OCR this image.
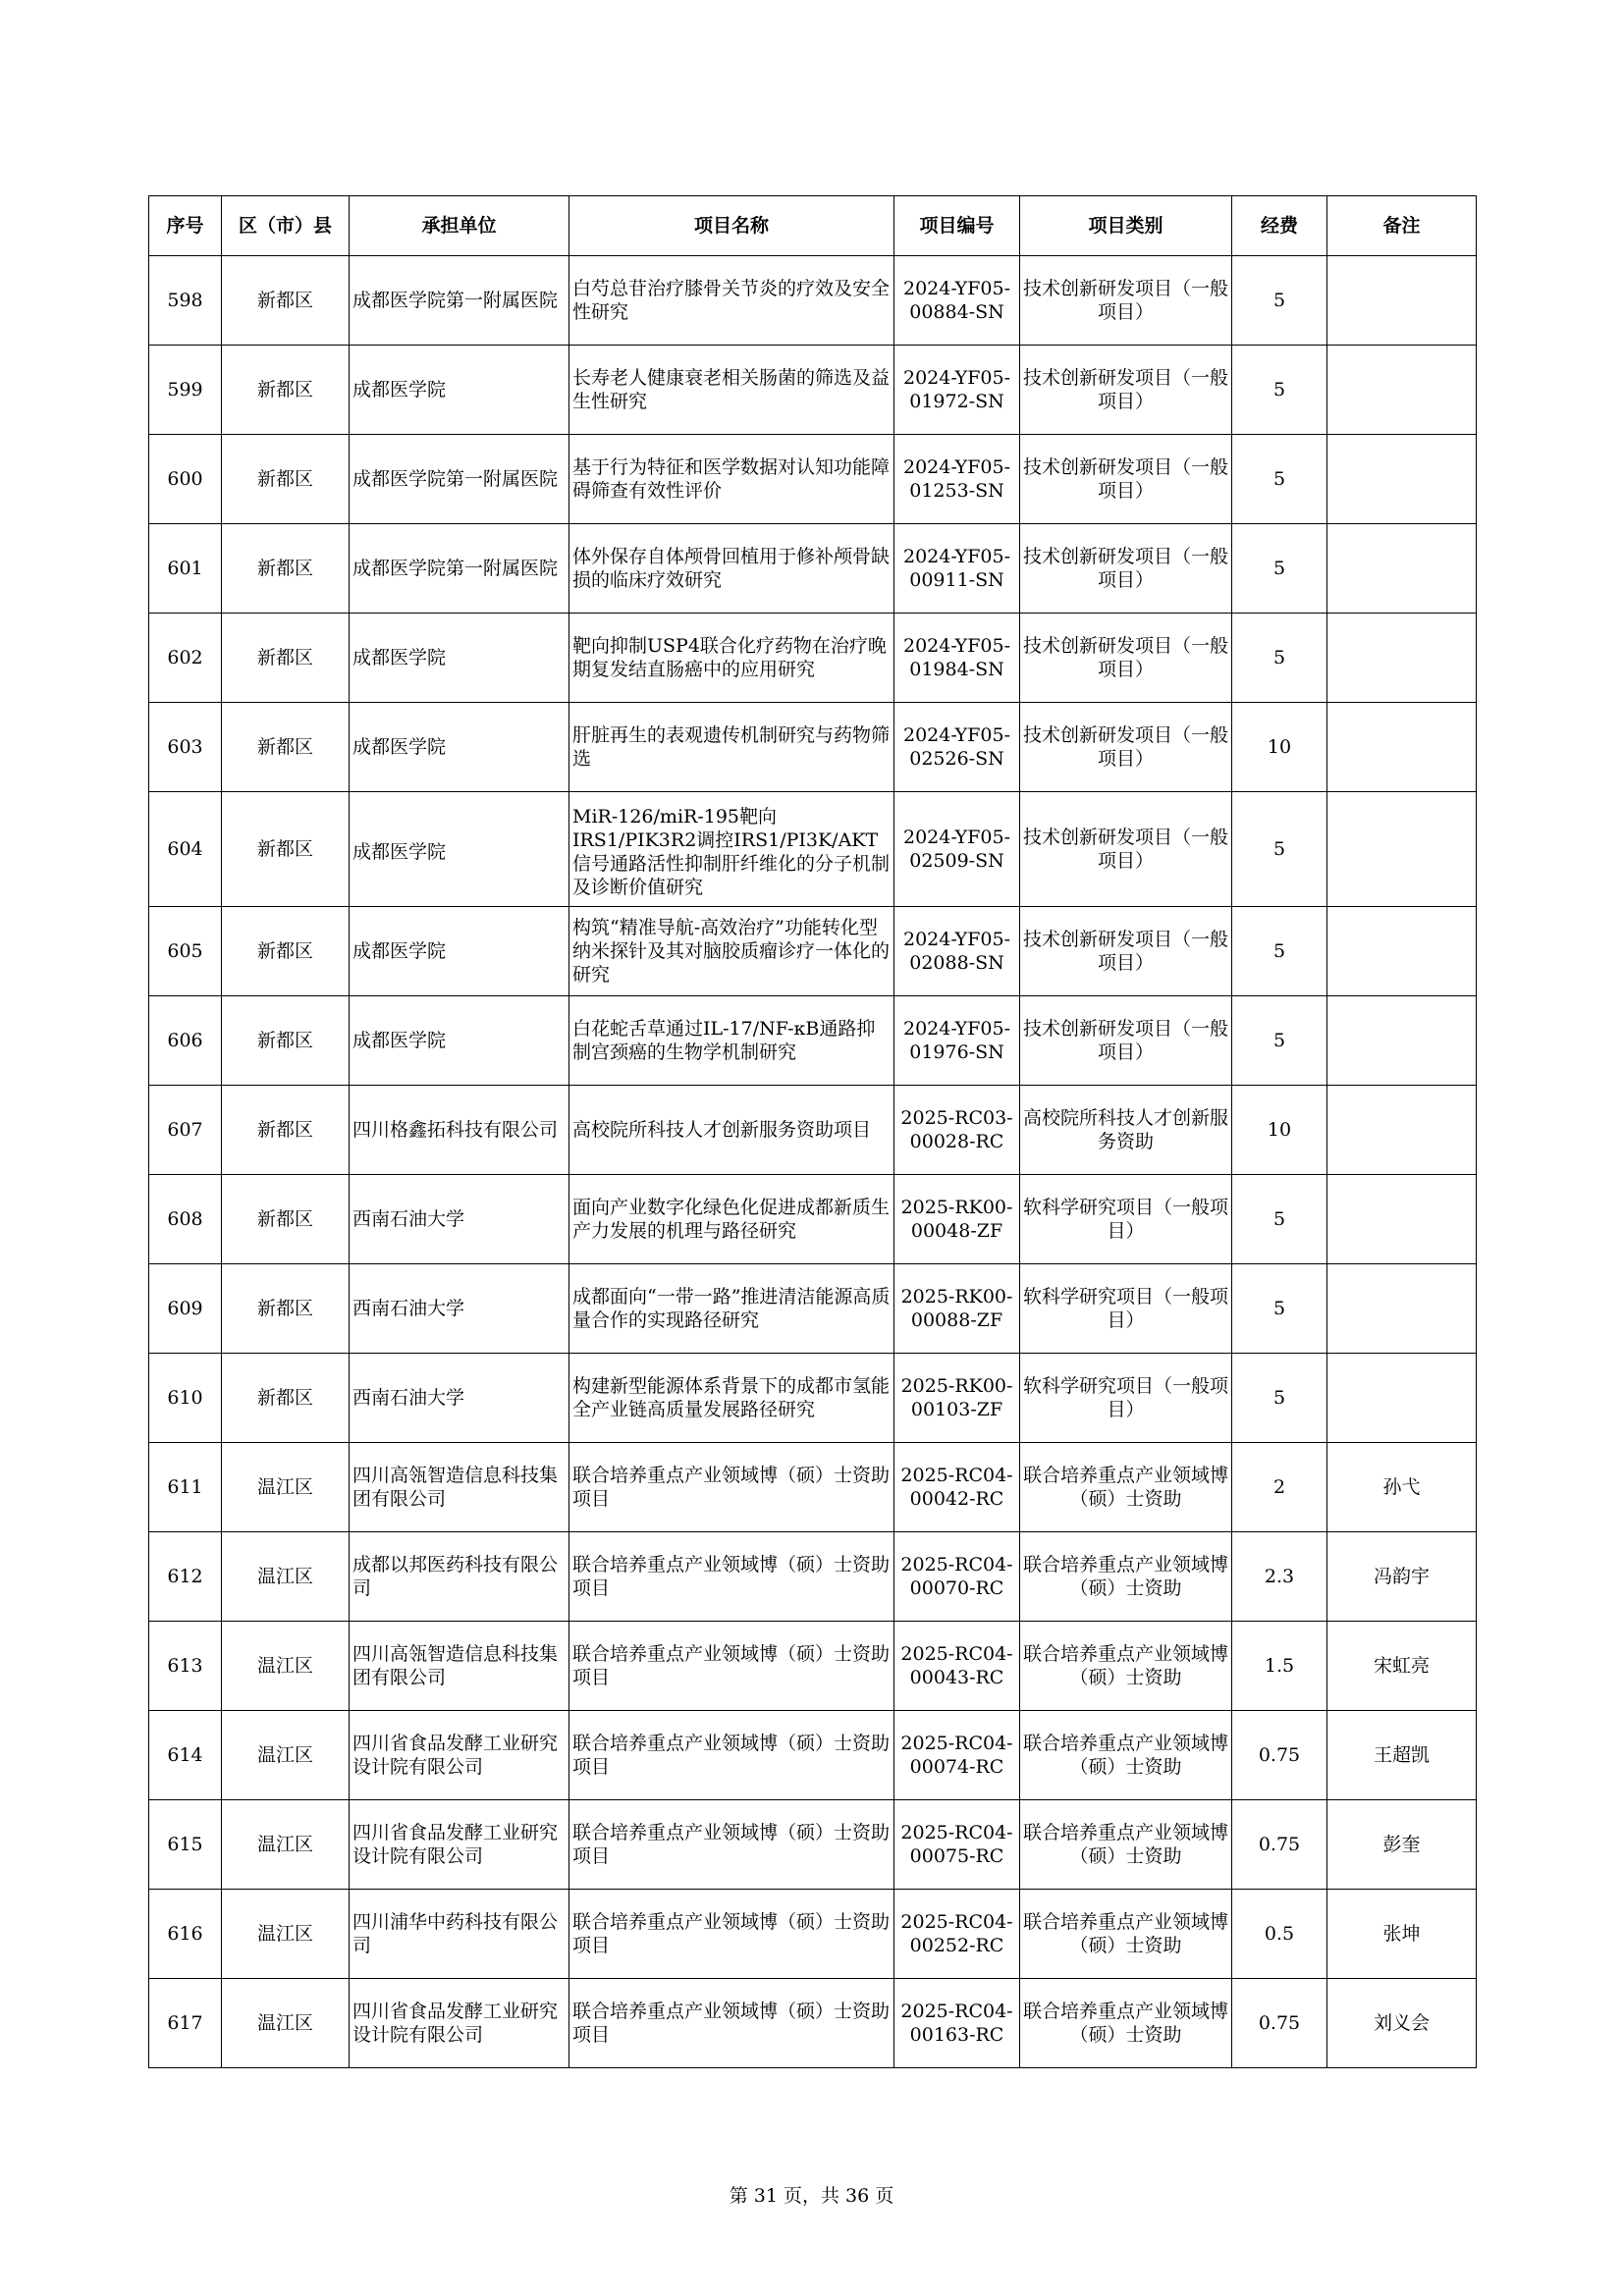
序号	区（市）县	承担单位	项目名称	项目编号	项目类别	经费	备注
598	新都区	成都医学院第一附属医院	白芍总苷治疗膝骨关节炎的疗效及安全性研究	2024-YF05-00884-SN	技术创新研发项目（一般项目）	5	
599	新都区	成都医学院	长寿老人健康衰老相关肠菌的筛选及益生性研究	2024-YF05-01972-SN	技术创新研发项目（一般项目）	5	
600	新都区	成都医学院第一附属医院	基于行为特征和医学数据对认知功能障碍筛查有效性评价	2024-YF05-01253-SN	技术创新研发项目（一般项目）	5	
601	新都区	成都医学院第一附属医院	体外保存自体颅骨回植用于修补颅骨缺损的临床疗效研究	2024-YF05-00911-SN	技术创新研发项目（一般项目）	5	
602	新都区	成都医学院	靶向抑制USP4联合化疗药物在治疗晚期复发结直肠癌中的应用研究	2024-YF05-01984-SN	技术创新研发项目（一般项目）	5	
603	新都区	成都医学院	肝脏再生的表观遗传机制研究与药物筛选	2024-YF05-02526-SN	技术创新研发项目（一般项目）	10	
604	新都区	成都医学院	MiR-126/miR-195靶向IRS1/PIK3R2调控IRS1/PI3K/AKT信号通路活性抑制肝纤维化的分子机制及诊断价值研究	2024-YF05-02509-SN	技术创新研发项目（一般项目）	5	
605	新都区	成都医学院	构筑“精准导航-高效治疗”功能转化型纳米探针及其对脑胶质瘤诊疗一体化的研究	2024-YF05-02088-SN	技术创新研发项目（一般项目）	5	
606	新都区	成都医学院	白花蛇舌草通过IL-17/NF-κB通路抑制宫颈癌的生物学机制研究	2024-YF05-01976-SN	技术创新研发项目（一般项目）	5	
607	新都区	四川格鑫拓科技有限公司	高校院所科技人才创新服务资助项目	2025-RC03-00028-RC	高校院所科技人才创新服务资助	10	
608	新都区	西南石油大学	面向产业数字化绿色化促进成都新质生产力发展的机理与路径研究	2025-RK00-00048-ZF	软科学研究项目（一般项目）	5	
609	新都区	西南石油大学	成都面向“一带一路”推进清洁能源高质量合作的实现路径研究	2025-RK00-00088-ZF	软科学研究项目（一般项目）	5	
610	新都区	西南石油大学	构建新型能源体系背景下的成都市氢能全产业链高质量发展路径研究	2025-RK00-00103-ZF	软科学研究项目（一般项目）	5	
611	温江区	四川高瓴智造信息科技集团有限公司	联合培养重点产业领域博（硕）士资助项目	2025-RC04-00042-RC	联合培养重点产业领域博（硕）士资助	2	孙弋
612	温江区	成都以邦医药科技有限公司	联合培养重点产业领域博（硕）士资助项目	2025-RC04-00070-RC	联合培养重点产业领域博（硕）士资助	2.3	冯韵宇
613	温江区	四川高瓴智造信息科技集团有限公司	联合培养重点产业领域博（硕）士资助项目	2025-RC04-00043-RC	联合培养重点产业领域博（硕）士资助	1.5	宋虹亮
614	温江区	四川省食品发酵工业研究设计院有限公司	联合培养重点产业领域博（硕）士资助项目	2025-RC04-00074-RC	联合培养重点产业领域博（硕）士资助	0.75	王超凯
615	温江区	四川省食品发酵工业研究设计院有限公司	联合培养重点产业领域博（硕）士资助项目	2025-RC04-00075-RC	联合培养重点产业领域博（硕）士资助	0.75	彭奎
616	温江区	四川浦华中药科技有限公司	联合培养重点产业领域博（硕）士资助项目	2025-RC04-00252-RC	联合培养重点产业领域博（硕）士资助	0.5	张坤
617	温江区	四川省食品发酵工业研究设计院有限公司	联合培养重点产业领域博（硕）士资助项目	2025-RC04-00163-RC	联合培养重点产业领域博（硕）士资助	0.75	刘义会
第 31 页，共 36 页
